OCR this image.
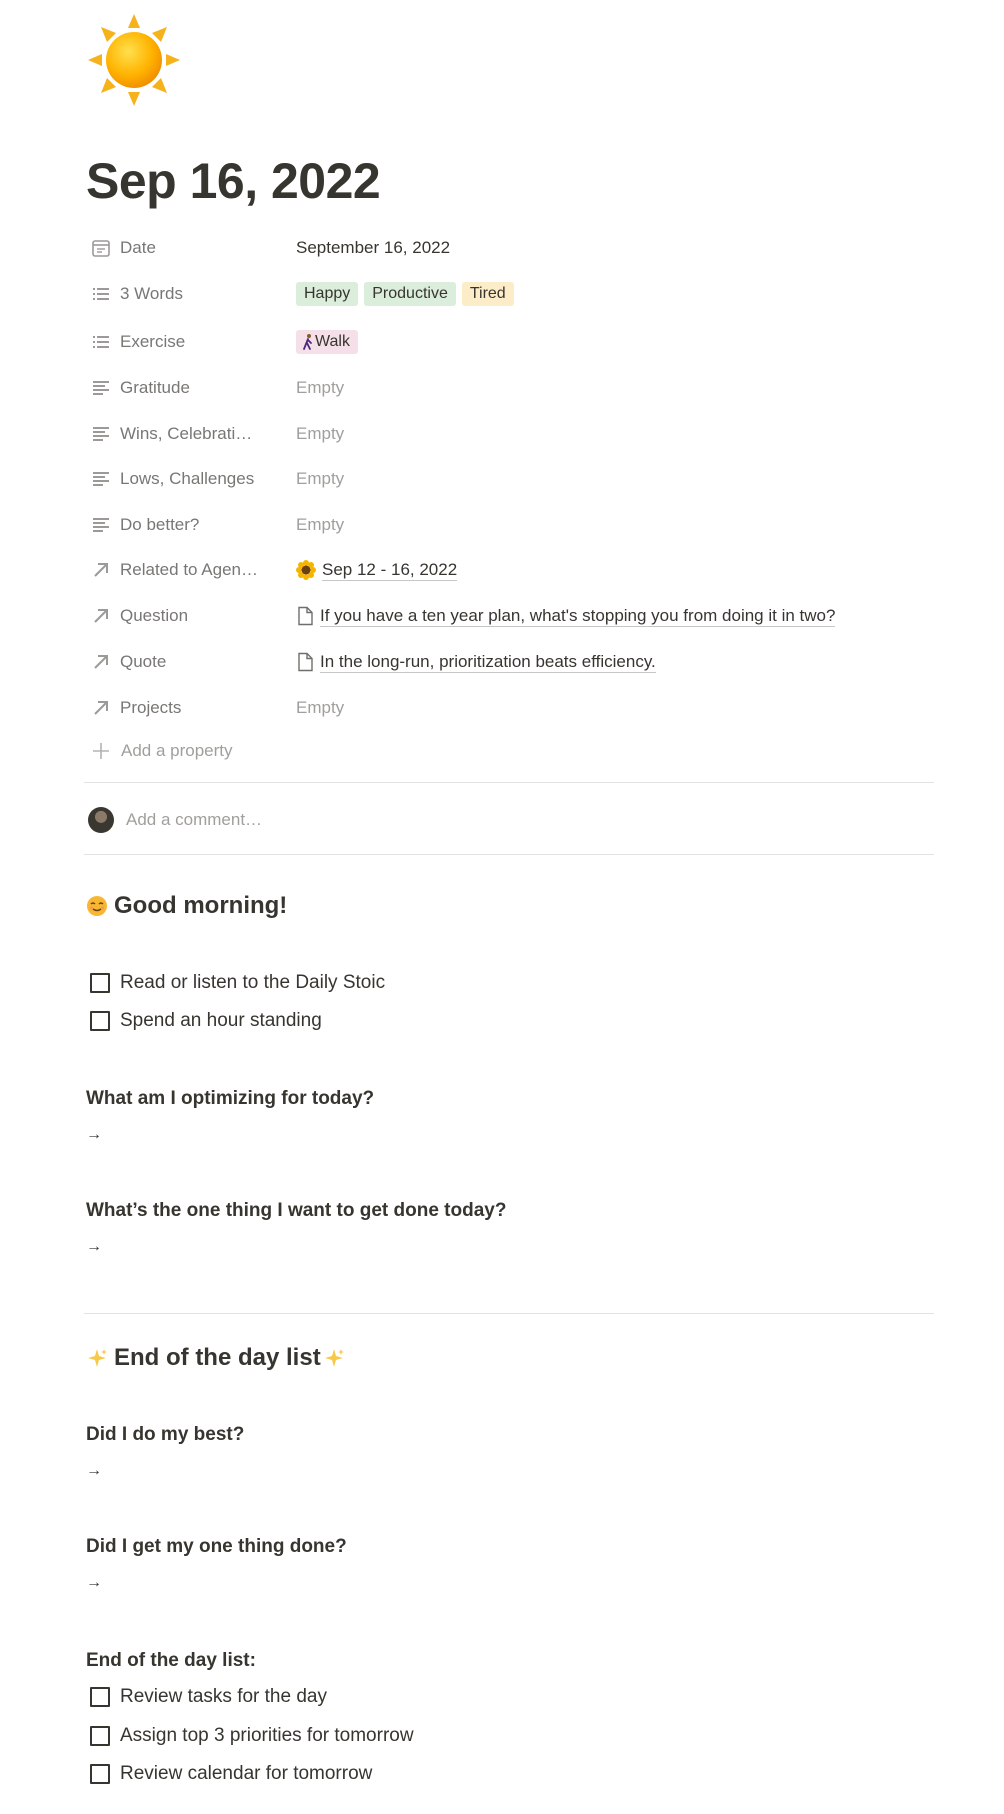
Sep 16, 2022
Date	September 16, 2022
3 Words	Happy	Productive	Tired
Exercise	Walk
Gratitude	Empty
Wins, Celebrati…	Empty
Lows, Challenges	Empty
Do better?	Empty
Related to Agen…	Sep 12 - 16, 2022
Question	If you have a ten year plan, what's stopping you from doing it in two?
Quote	In the long-run, prioritization beats efficiency.
Projects	Empty
Add a property
Add a comment…
Good morning!
Read or listen to the Daily Stoic
Spend an hour standing
What am I optimizing for today?
→
What’s the one thing I want to get done today?
→
End of the day list
Did I do my best?
→
Did I get my one thing done?
→
End of the day list:
Review tasks for the day
Assign top 3 priorities for tomorrow
Review calendar for tomorrow
